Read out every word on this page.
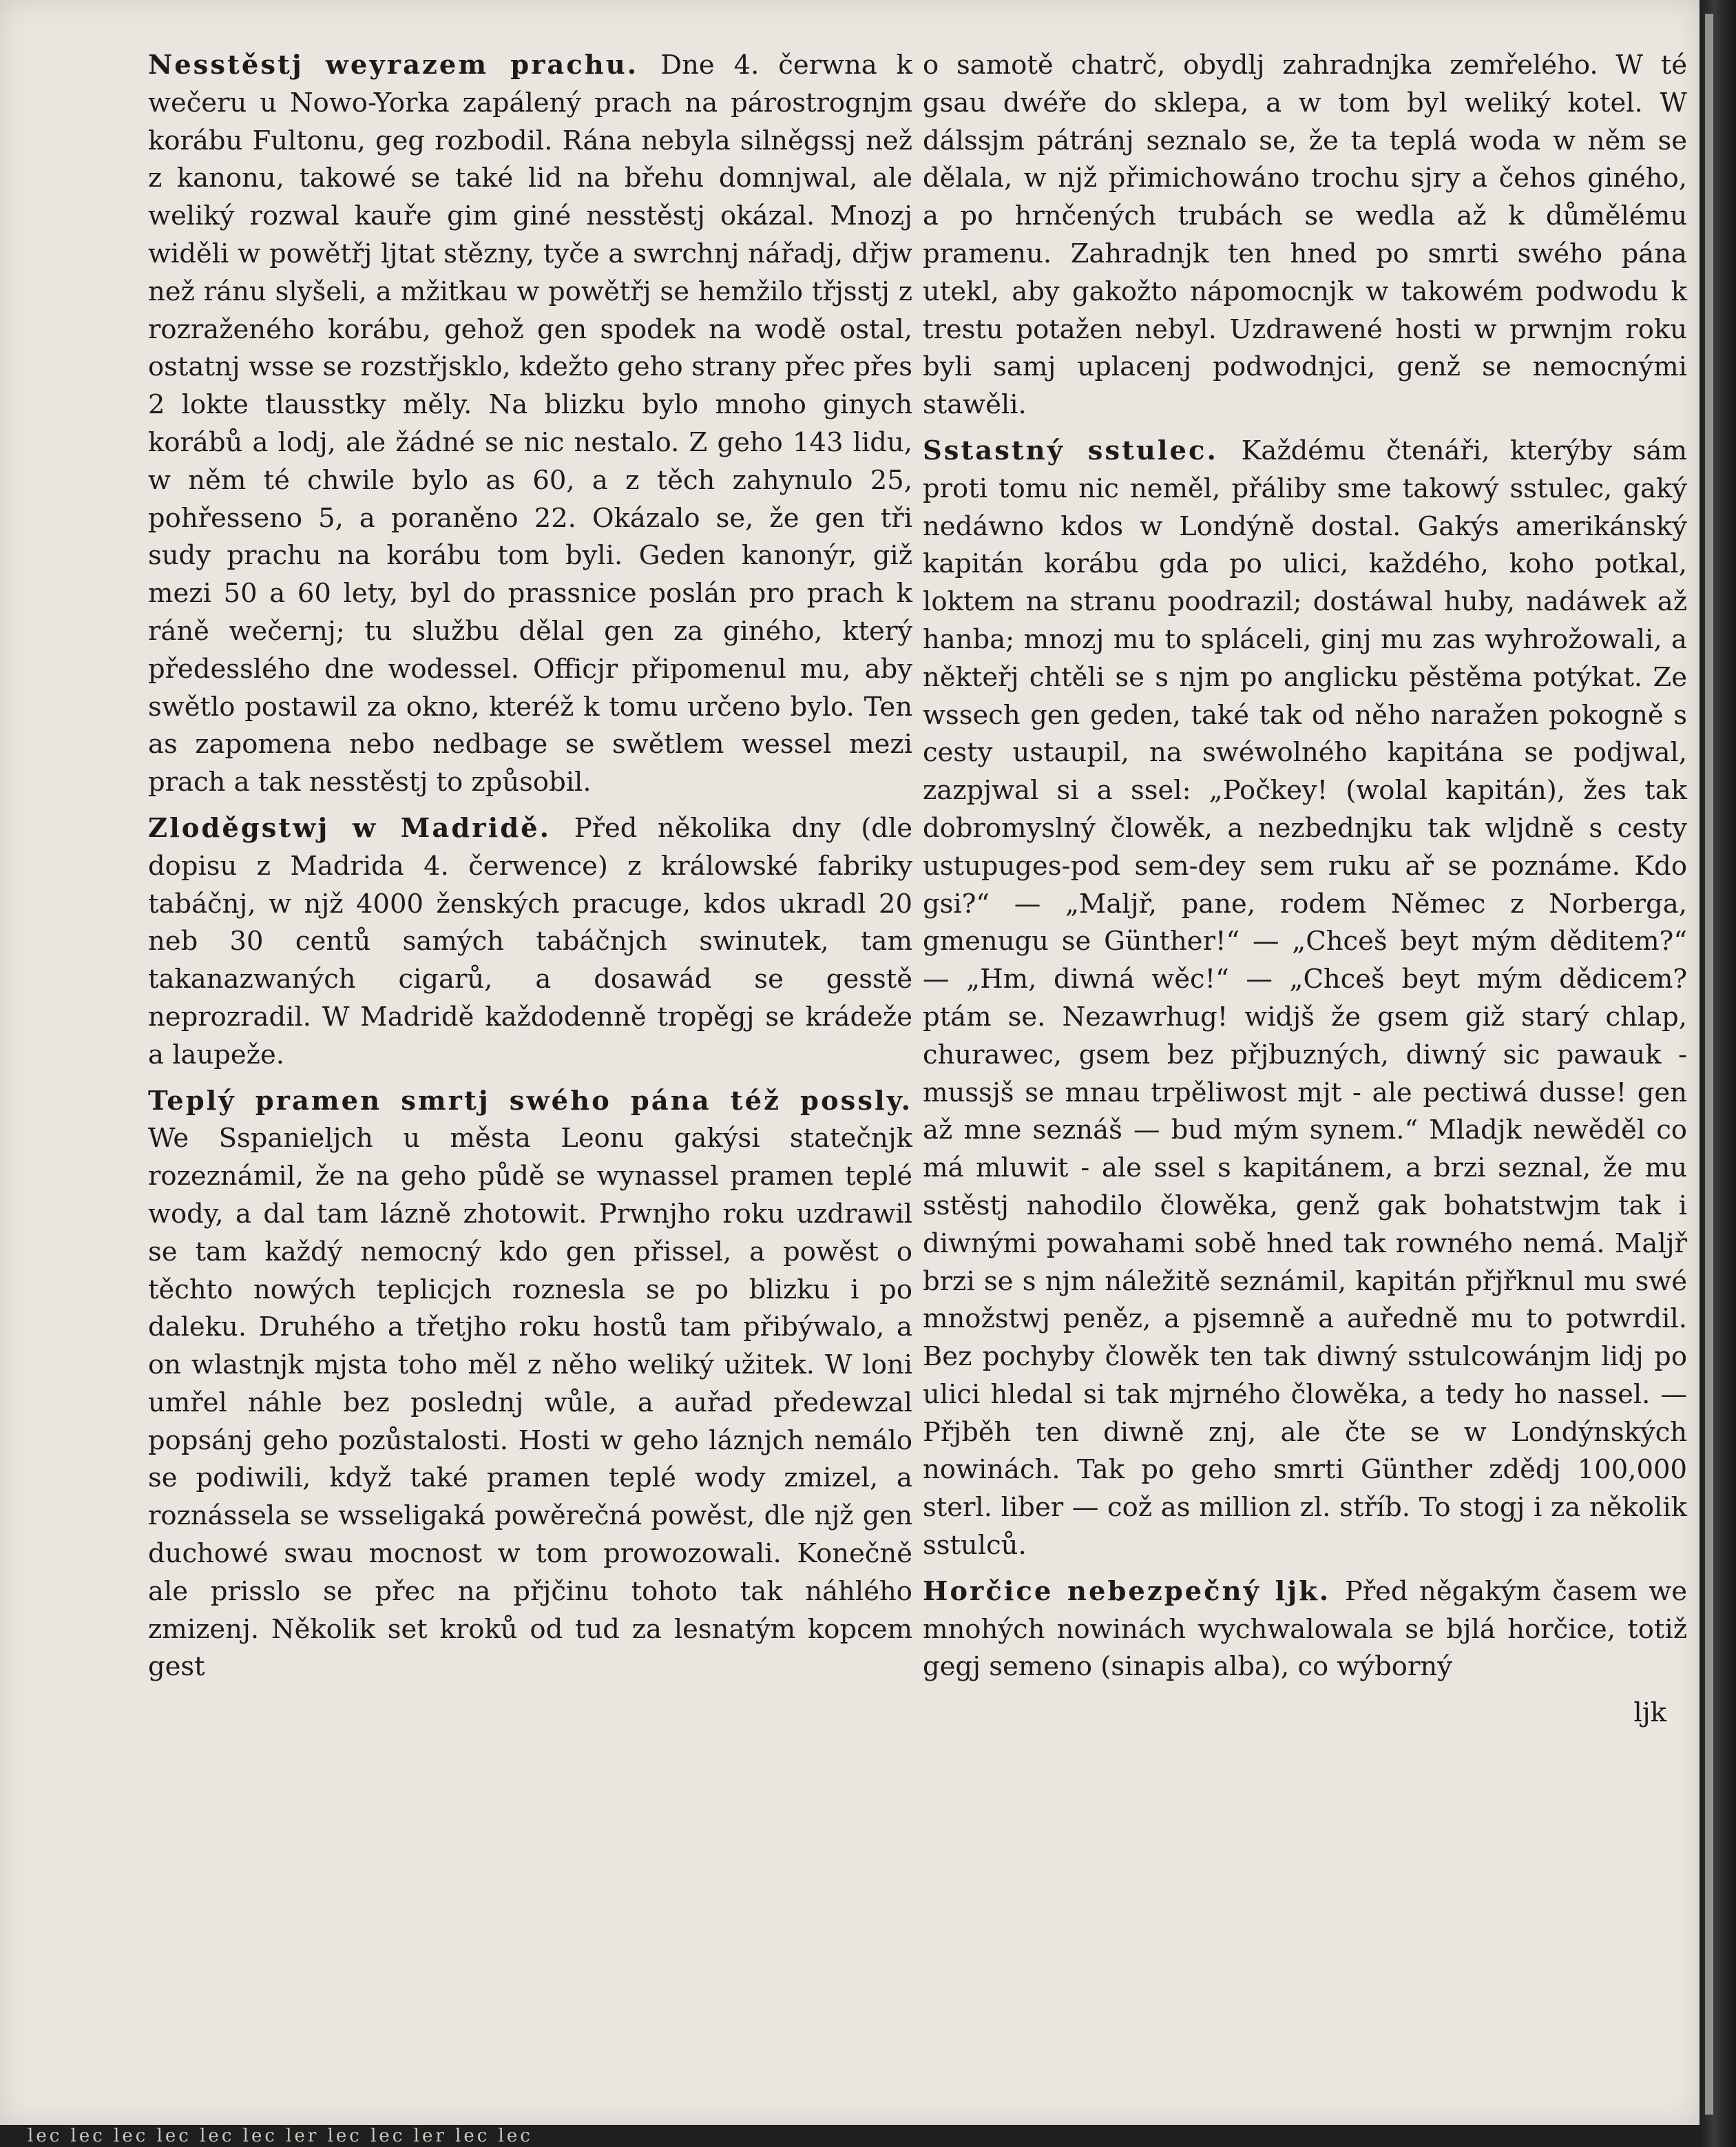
Nesstěstj weyrazem prachu. Dne 4. čerwna k wečeru u Nowo-Yorka zapálený prach na párostrognjm korábu Fultonu, geg rozbodil. Rána nebyla silněgssj než z kanonu, takowé se také lid na břehu domnjwal, ale weliký rozwal kauře gim giné nesstěstj okázal. Mnozj widěli w powětřj ljtat stězny, tyče a swrchnj nářadj, dřjw než ránu slyšeli, a mžitkau w powětřj se hemžilo třjsstj z rozraženého korábu, gehož gen spodek na wodě ostal, ostatnj wsse se rozstřjsklo, kdežto geho strany přec přes 2 lokte tlausstky měly. Na blizku bylo mnoho ginych korábů a lodj, ale žádné se nic nestalo. Z geho 143 lidu, w něm té chwile bylo as 60, a z těch zahynulo 25, pohřesseno 5, a poraněno 22. Okázalo se, že gen tři sudy prachu na korábu tom byli. Geden kanonýr, giž mezi 50 a 60 lety, byl do prassnice poslán pro prach k ráně wečernj; tu službu dělal gen za giného, který předesslého dne wodessel. Officjr připomenul mu, aby swětlo postawil za okno, kteréž k tomu určeno bylo. Ten as zapomena nebo nedbage se swětlem wessel mezi prach a tak nesstěstj to způsobil.

Zloděgstwj w Madridě. Před několika dny (dle dopisu z Madrida 4. čerwence) z králowské fabriky tabáčnj, w njž 4000 ženských pracuge, kdos ukradl 20 neb 30 centů samých tabáčnjch swinutek, tam takanazwaných cigarů, a dosawád se gesstě neprozradil. W Madridě každodenně tropěgj se krádeže a laupeže.

Teplý pramen smrtj swého pána též possly. We Sspanieljch u města Leonu gakýsi statečnjk rozeznámil, že na geho půdě se wynassel pramen teplé wody, a dal tam lázně zhotowit. Prwnjho roku uzdrawil se tam každý nemocný kdo gen přissel, a powěst o těchto nowých teplicjch roznesla se po blizku i po daleku. Druhého a třetjho roku hostů tam přibýwalo, a on wlastnjk mjsta toho měl z něho weliký užitek. W loni umřel náhle bez poslednj wůle, a auřad předewzal popsánj geho pozůstalosti. Hosti w geho láznjch nemálo se podiwili, když také pramen teplé wody zmizel, a roznássela se wsseligaká powěrečná powěst, dle njž gen duchowé swau mocnost w tom prowozowali. Konečně ale prisslo se přec na přjčinu tohoto tak náhlého zmizenj. Několik set kroků od tud za lesnatým kopcem gest

o samotě chatrč, obydlj zahradnjka zemřelého. W té gsau dwéře do sklepa, a w tom byl weliký kotel. W dálssjm pátránj seznalo se, že ta teplá woda w něm se dělala, w njž přimichowáno trochu sjry a čehos giného, a po hrnčených trubách se wedla až k důmělému pramenu. Zahradnjk ten hned po smrti swého pána utekl, aby gakožto nápomocnjk w takowém podwodu k trestu potažen nebyl. Uzdrawené hosti w prwnjm roku byli samj uplacenj podwodnjci, genž se nemocnými stawěli.

Sstastný sstulec. Každému čtenáři, kterýby sám proti tomu nic neměl, přáliby sme takowý sstulec, gaký nedáwno kdos w Londýně dostal. Gakýs amerikánský kapitán korábu gda po ulici, každého, koho potkal, loktem na stranu poodrazil; dostáwal huby, nadáwek až hanba; mnozj mu to spláceli, ginj mu zas wyhrožowali, a někteřj chtěli se s njm po anglicku pěstěma potýkat. Ze wssech gen geden, také tak od něho naražen pokogně s cesty ustaupil, na swéwolného kapitána se podjwal, zazpjwal si a ssel: „Počkey! (wolal kapitán), žes tak dobromyslný člowěk, a nezbednjku tak wljdně s cesty ustupuges-pod sem-dey sem ruku ař se poznáme. Kdo gsi?“ — „Maljř, pane, rodem Němec z Norberga, gmenugu se Günther!“ — „Chceš beyt mým děditem?“ — „Hm, diwná wěc!“ — „Chceš beyt mým dědicem? ptám se. Nezawrhug! widjš že gsem giž starý chlap, churawec, gsem bez přjbuzných, diwný sic pawauk - mussjš se mnau trpěliwost mjt - ale pectiwá dusse! gen až mne seznáš — bud mým synem.“ Mladjk newěděl co má mluwit - ale ssel s kapitánem, a brzi seznal, že mu sstěstj nahodilo člowěka, genž gak bohatstwjm tak i diwnými powahami sobě hned tak rowného nemá. Maljř brzi se s njm náležitě seznámil, kapitán přjřknul mu swé množstwj peněz, a pjsemně a auředně mu to potwrdil. Bez pochyby člowěk ten tak diwný sstulcowánjm lidj po ulici hledal si tak mjrného člowěka, a tedy ho nassel. — Přjběh ten diwně znj, ale čte se w Londýnských nowinách. Tak po geho smrti Günther zdědj 100,000 sterl. liber — což as million zl. stříb. To stogj i za několik sstulců.

Horčice nebezpečný ljk. Před něgakým časem we mnohých nowinách wychwalowala se bjlá horčice, totiž gegj semeno (sinapis alba), co wýborný

ljk
lec lec lec lec lec lec ler lec lec ler lec lec
